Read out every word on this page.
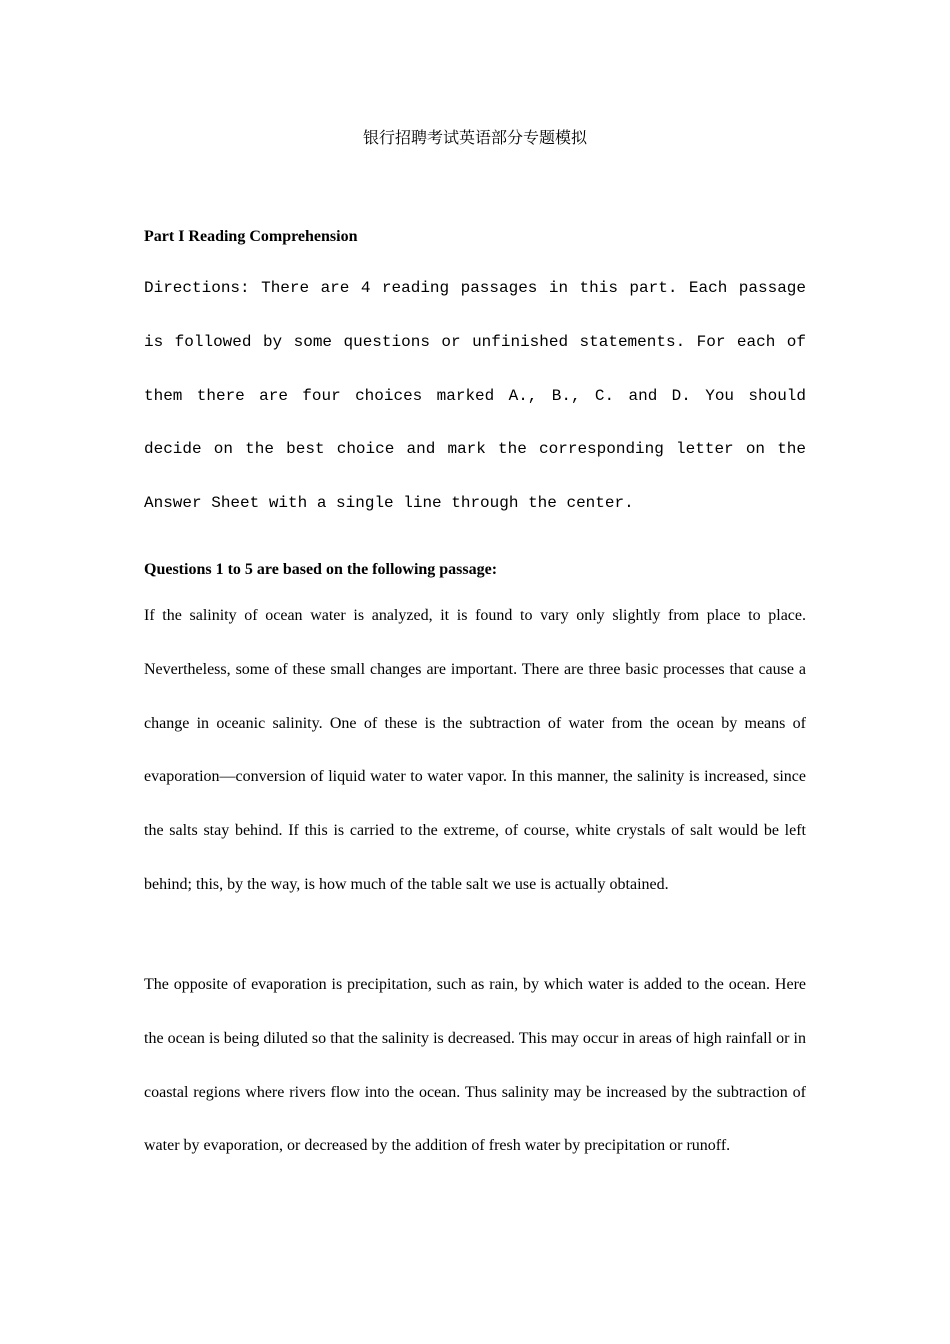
银行招聘考试英语部分专题模拟
Part I Reading Comprehension

Directions: There are 4 reading passages in this part. Each passage is followed by some questions or unfinished statements. For each of them there are four choices marked A., B., C. and D. You should decide on the best choice and mark the corresponding letter on the Answer Sheet with a single line through the center.

Questions 1 to 5 are based on the following passage:

If the salinity of ocean water is analyzed, it is found to vary only slightly from place to place. Nevertheless, some of these small changes are important. There are three basic processes that cause a change in oceanic salinity. One of these is the subtraction of water from the ocean by means of evaporation—conversion of liquid water to water vapor. In this manner, the salinity is increased, since the salts stay behind. If this is carried to the extreme, of course, white crystals of salt would be left behind; this, by the way, is how much of the table salt we use is actually obtained.

The opposite of evaporation is precipitation, such as rain, by which water is added to the ocean. Here the ocean is being diluted so that the salinity is decreased. This may occur in areas of high rainfall or in coastal regions where rivers flow into the ocean. Thus salinity may be increased by the subtraction of water by evaporation, or decreased by the addition of fresh water by precipitation or runoff.
